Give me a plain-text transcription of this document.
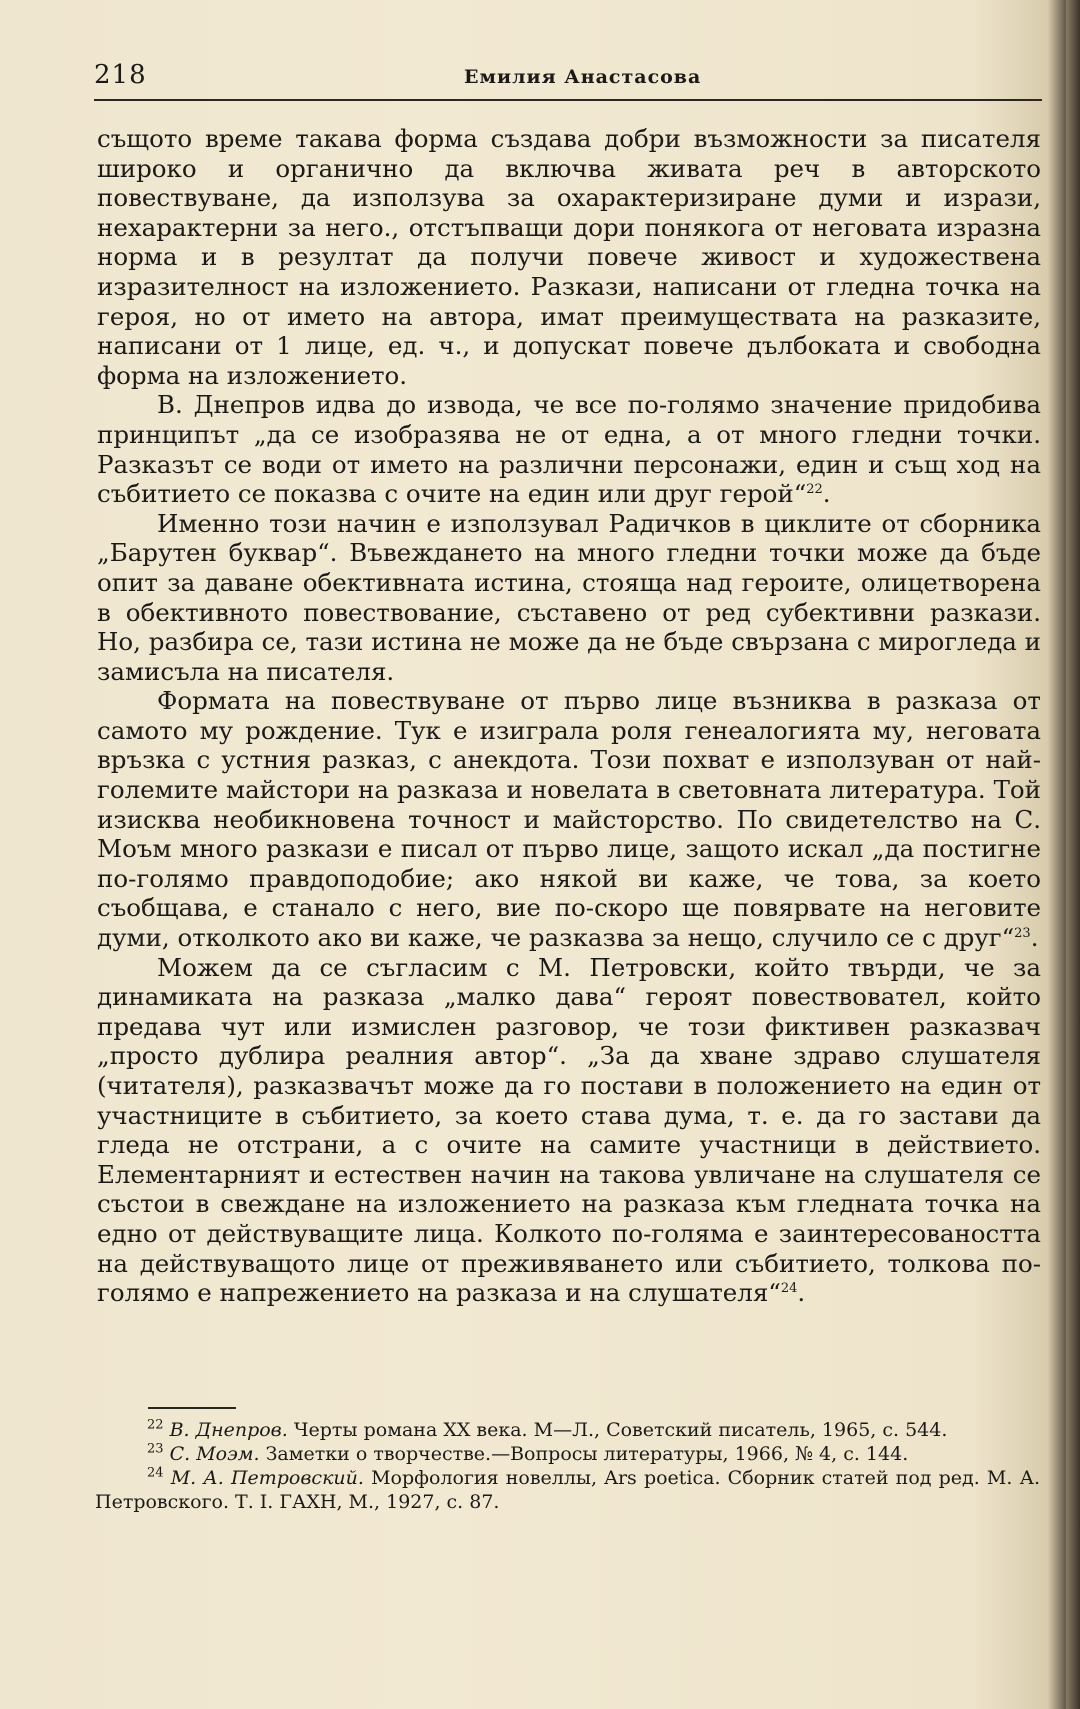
218	Емилия Анастасова

същото време такава форма създава добри възможности за писателя широко и органично да включва живата реч в авторското повествуване, да използува за охарактеризиране думи и изрази, нехарактерни за него., отстъпващи дори понякога от неговата изразна норма и в резултат да получи повече живост и художествена изразителност на изложението. Разкази, написани от гледна точка на героя, но от името на автора, имат преимуществата на разказите, написани от 1 лице, ед. ч., и допускат повече дълбоката и свободна форма на изложението.

В. Днепров идва до извода, че все по-голямо значение придобива принципът „да се изобразява не от една, а от много гледни точки. Разказът се води от името на различни персонажи, един и същ ход на събитието се показва с очите на един или друг герой“$^{22}$.

Именно този начин е използувал Радичков в циклите от сборника „Барутен буквар“. Въвеждането на много гледни точки може да бъде опит за даване обективната истина, стояща над героите, олицетворена в обективното повествование, съставено от ред субективни разкази. Но, разбира се, тази истина не може да не бъде свързана с мирогледа и замисъла на писателя.

Формата на повествуване от първо лице възниква в разказа от самото му рождение. Тук е изиграла роля генеалогията му, неговата връзка с устния разказ, с анекдота. Този похват е използуван от най-големите майстори на разказа и новелата в световната литература. Той изисква необикновена точност и майсторство. По свидетелство на С. Моъм много разкази е писал от първо лице, защото искал „да постигне по-голямо правдоподобие; ако някой ви каже, че това, за което съобщава, е станало с него, вие по-скоро ще повярвате на неговите думи, отколкото ако ви каже, че разказва за нещо, случило се с друг“$^{23}$.

Можем да се съгласим с М. Петровски, който твърди, че за динамиката на разказа „малко дава“ героят повествовател, който предава чут или измислен разговор, че този фиктивен разказвач „просто дублира реалния автор“. „За да хване здраво слушателя (читателя), разказвачът може да го постави в положението на един от участниците в събитието, за което става дума, т. е. да го застави да гледа не отстрани, а с очите на самите участници в действието. Елементарният и естествен начин на такова увличане на слушателя се състои в свеждане на изложението на разказа към гледната точка на едно от действуващите лица. Колкото по-голяма е заинтересоваността на действуващото лице от преживяването или събитието, толкова по-голямо е напрежението на разказа и на слушателя“$^{24}$.

$^{22}$ В. Днепров. Черты романа XX века. М—Л., Советский писатель, 1965, с. 544.

$^{23}$ С. Моэм. Заметки о творчестве.—Вопросы литературы, 1966, № 4, с. 144.

$^{24}$ М. А. Петровский. Морфология новеллы, Ars poetica. Сборник статей под ред. М. А. Петровского. Т. I. ГАХН, М., 1927, с. 87.
